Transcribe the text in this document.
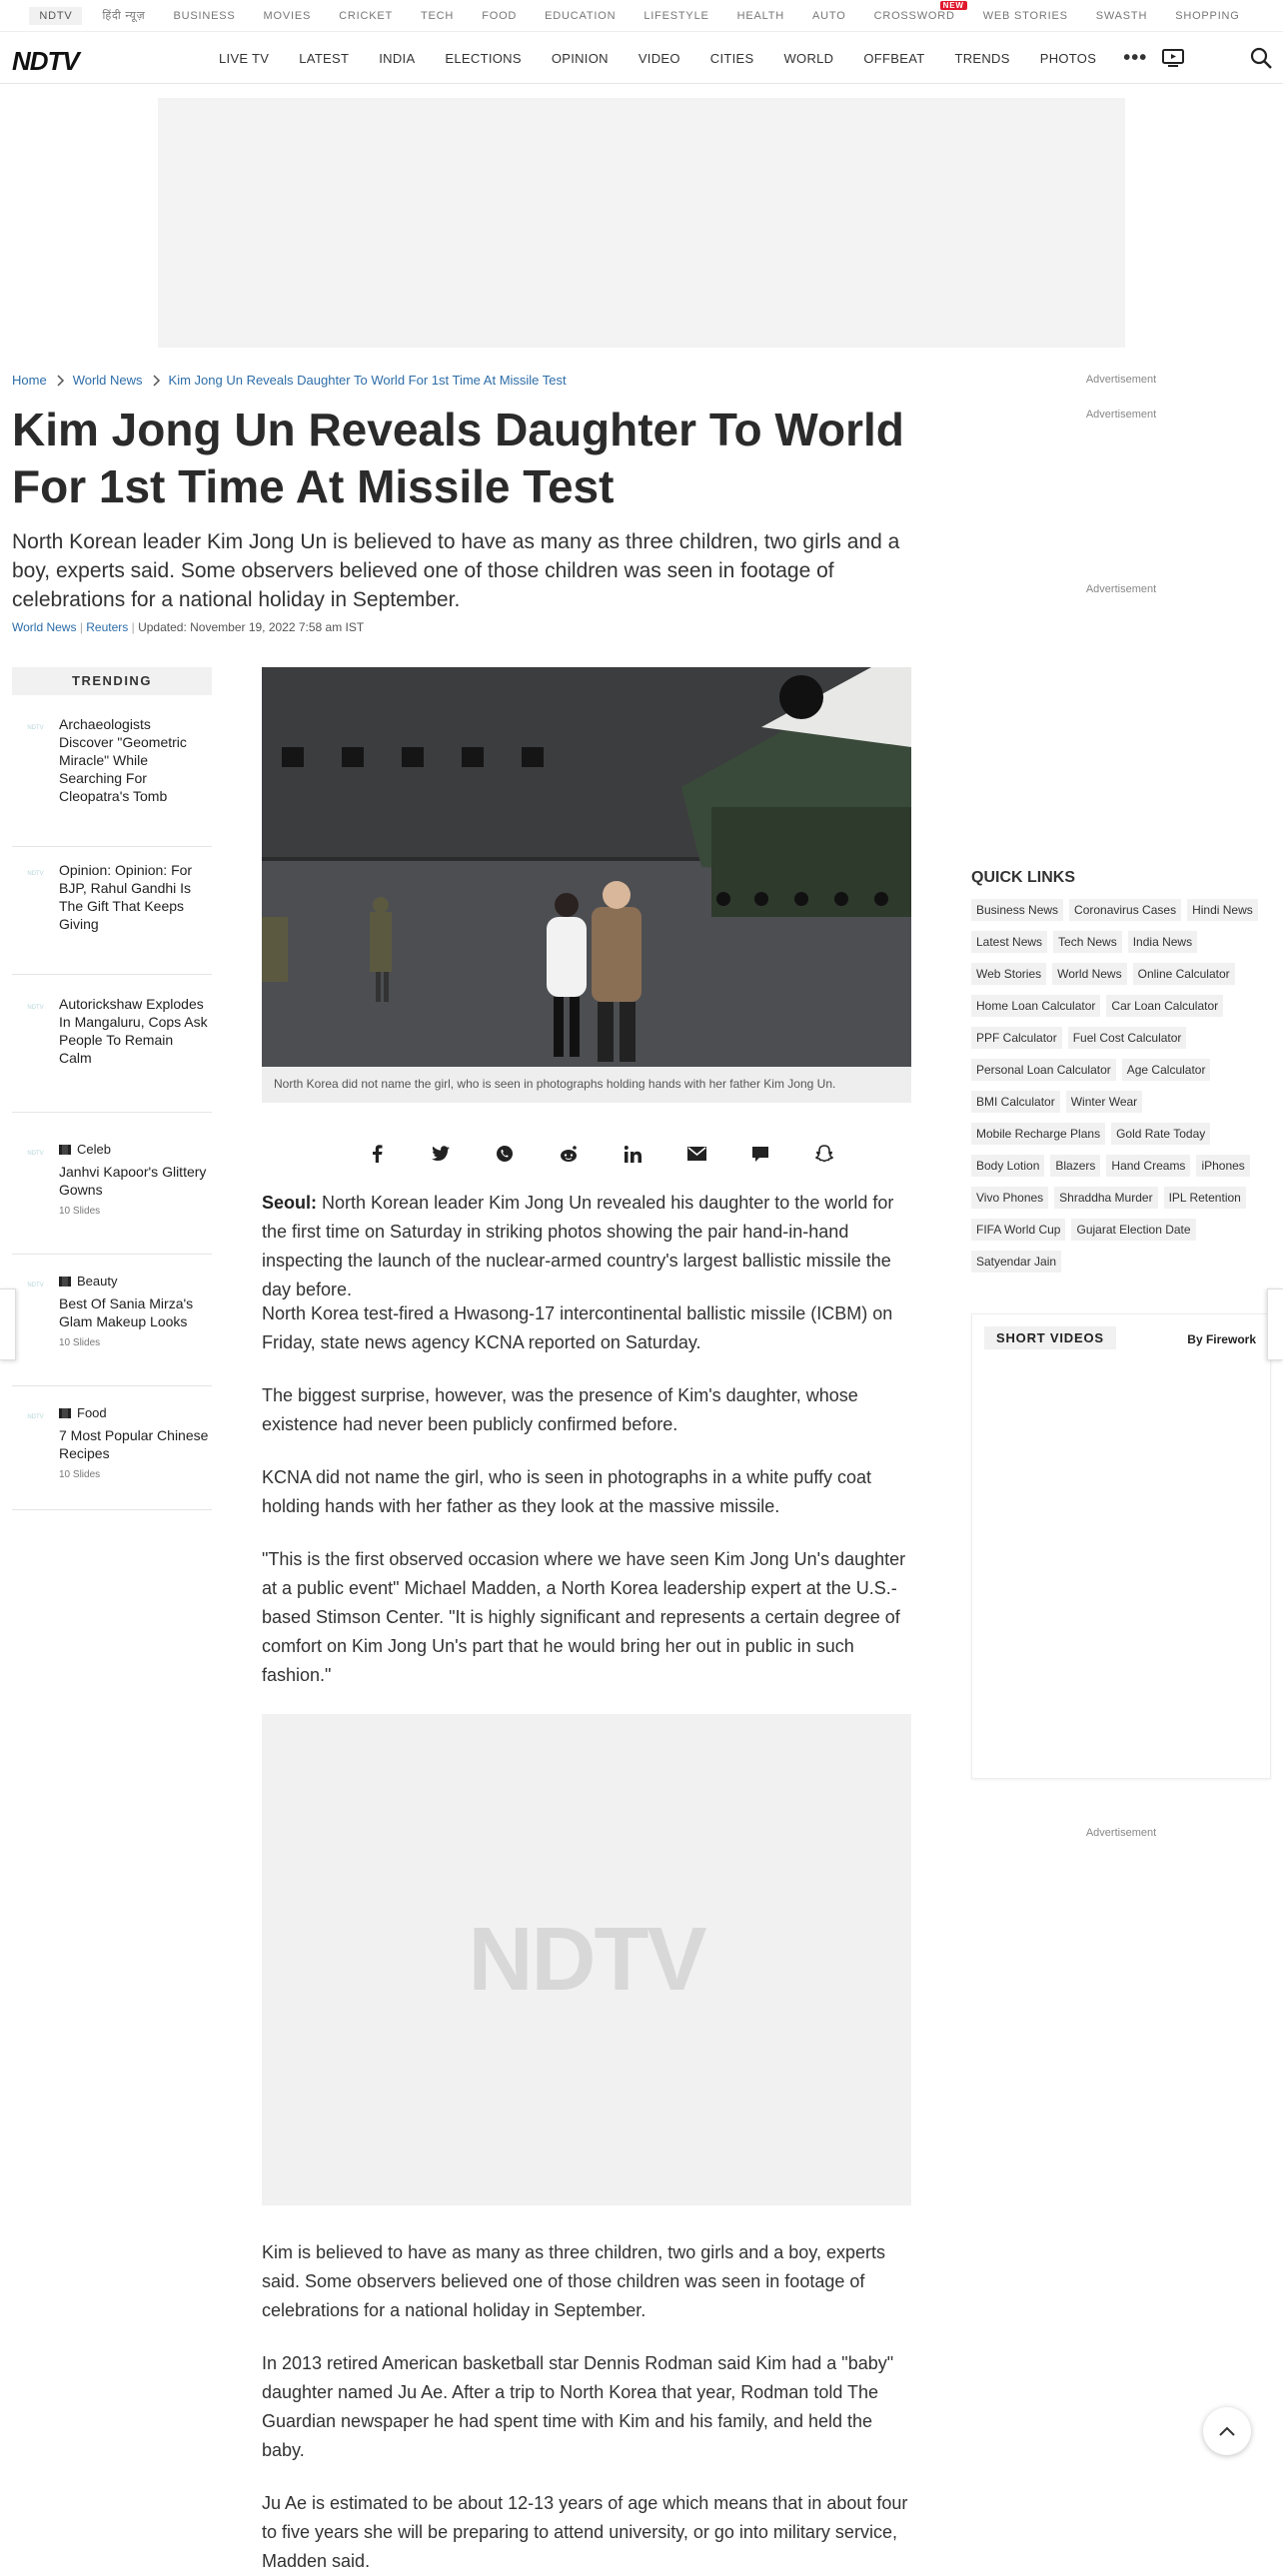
NDTV	हिंदी न्यूज़	BUSINESS	MOVIES	CRICKET	TECH	FOOD	EDUCATION	LIFESTYLE	HEALTH	AUTO	CROSSWORD
NEW
WEB STORIES	SWASTH	SHOPPING
NDTV	LIVE TV	LATEST	INDIA	ELECTIONS	OPINION	VIDEO	CITIES	WORLD	OFFBEAT	TRENDS	PHOTOS	•••
Home World News Kim Jong Un Reveals Daughter To World For 1st Time At Missile Test	Advertisement
Advertisement
Advertisement
Advertisement
Kim Jong Un Reveals Daughter To World For 1st Time At Missile Test

North Korean leader Kim Jong Un is believed to have as many as three children, two girls and a boy, experts said. Some observers believed one of those children was seen in footage of celebrations for a national holiday in September.

World News | Reuters | Updated: November 19, 2022 7:58 am IST
TRENDING
NDTV	Archaeologists Discover "Geometric Miracle" While Searching For Cleopatra's Tomb
NDTV	Opinion: Opinion: For BJP, Rahul Gandhi Is The Gift That Keeps Giving
NDTV	Autorickshaw Explodes In Mangaluru, Cops Ask People To Remain Calm
NDTV	Celeb
Janhvi Kapoor's Glittery Gowns
10 Slides
NDTV	Beauty
Best Of Sania Mirza's Glam Makeup Looks
10 Slides
NDTV	Food
7 Most Popular Chinese Recipes
10 Slides
North Korea did not name the girl, who is seen in photographs holding hands with her father Kim Jong Un.

Seoul: North Korean leader Kim Jong Un revealed his daughter to the world for the first time on Saturday in striking photos showing the pair hand-in-hand inspecting the launch of the nuclear-armed country's largest ballistic missile the day before.

North Korea test-fired a Hwasong-17 intercontinental ballistic missile (ICBM) on Friday, state news agency KCNA reported on Saturday.

The biggest surprise, however, was the presence of Kim's daughter, whose existence had never been publicly confirmed before.

KCNA did not name the girl, who is seen in photographs in a white puffy coat holding hands with her father as they look at the massive missile.

"This is the first observed occasion where we have seen Kim Jong Un's daughter at a public event" Michael Madden, a North Korea leadership expert at the U.S.-based Stimson Center. "It is highly significant and represents a certain degree of comfort on Kim Jong Un's part that he would bring her out in public in such fashion."

NDTV

Kim is believed to have as many as three children, two girls and a boy, experts said. Some observers believed one of those children was seen in footage of celebrations for a national holiday in September.

In 2013 retired American basketball star Dennis Rodman said Kim had a "baby" daughter named Ju Ae. After a trip to North Korea that year, Rodman told The Guardian newspaper he had spent time with Kim and his family, and held the baby.

Ju Ae is estimated to be about 12-13 years of age which means that in about four to five years she will be preparing to attend university, or go into military service, Madden said.

QUICK LINKS
Business News	Coronavirus Cases	Hindi News
Latest News	Tech News	India News
Web Stories	World News	Online Calculator
Home Loan Calculator	Car Loan Calculator
PPF Calculator	Fuel Cost Calculator
Personal Loan Calculator	Age Calculator
BMI Calculator	Winter Wear
Mobile Recharge Plans	Gold Rate Today
Body Lotion	Blazers	Hand Creams	iPhones
Vivo Phones	Shraddha Murder	IPL Retention
FIFA World Cup	Gujarat Election Date
Satyendar Jain
SHORT VIDEOS	By Firework
